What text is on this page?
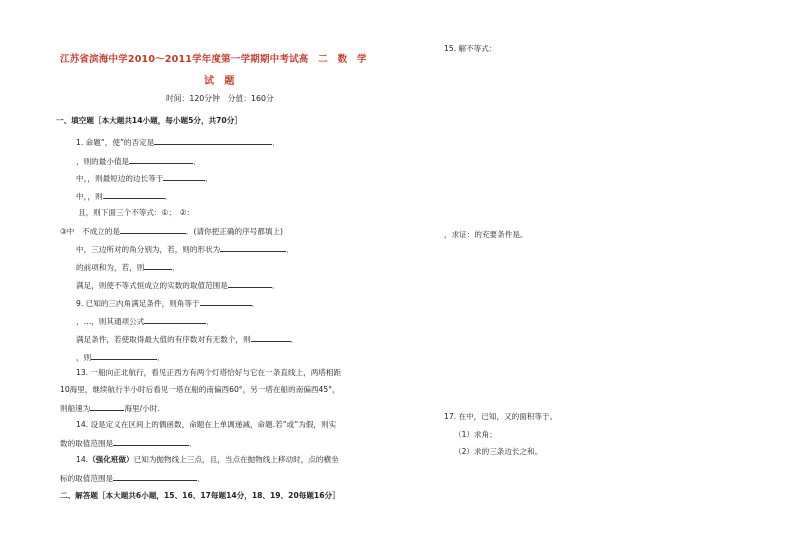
江苏省滨海中学2010～2011学年度第一学期期中考试高　二　数　学
试　题
时间：120分钟　分值：160分
一、填空题［本大题共14小题，每小题5分，共70分］
1. 命题“，使”的否定是	．
，则的最小值是	．
中，，则最短边的边长等于	．
中，，则	．
且，则下面三个不等式：①；　②：
③中　不成立的是	．(请你把正确的序号都填上)
中，三边所对的角分别为，若，则的形状为	．
的前项和为，若，则	．
满足，则使不等式恒成立的实数的取值范围是	．
9. 已知的三内角满足条件，则角等于	．
，…，则其通项公式	．
满足条件，若使取得最大值的有序数对有无数个，则	．
，则	．
13. 一船向正北航行，看见正西方有两个灯塔恰好与它在一条直线上，两塔相距
10海里，继续航行半小时后看见一塔在船的南偏西60°，另一塔在船的南偏西45°，
则船速为	海里/小时.
14. 设是定义在区间上的偶函数，命题在上单调递减，命题.若“或”为假，则实
数的取值范围是	．
14.（强化班做）已知为抛物线上三点，且，当点在抛物线上移动时，点的横坐
标的取值范围是	．
二、解答题［本大题共6小题，15、16、17每题14分，18、19、20每题16分］
15. 解不等式：
，求证：的充要条件是。
17. 在中，已知，又的面积等于。
（1）求角；
（2）求的三条边长之和。
